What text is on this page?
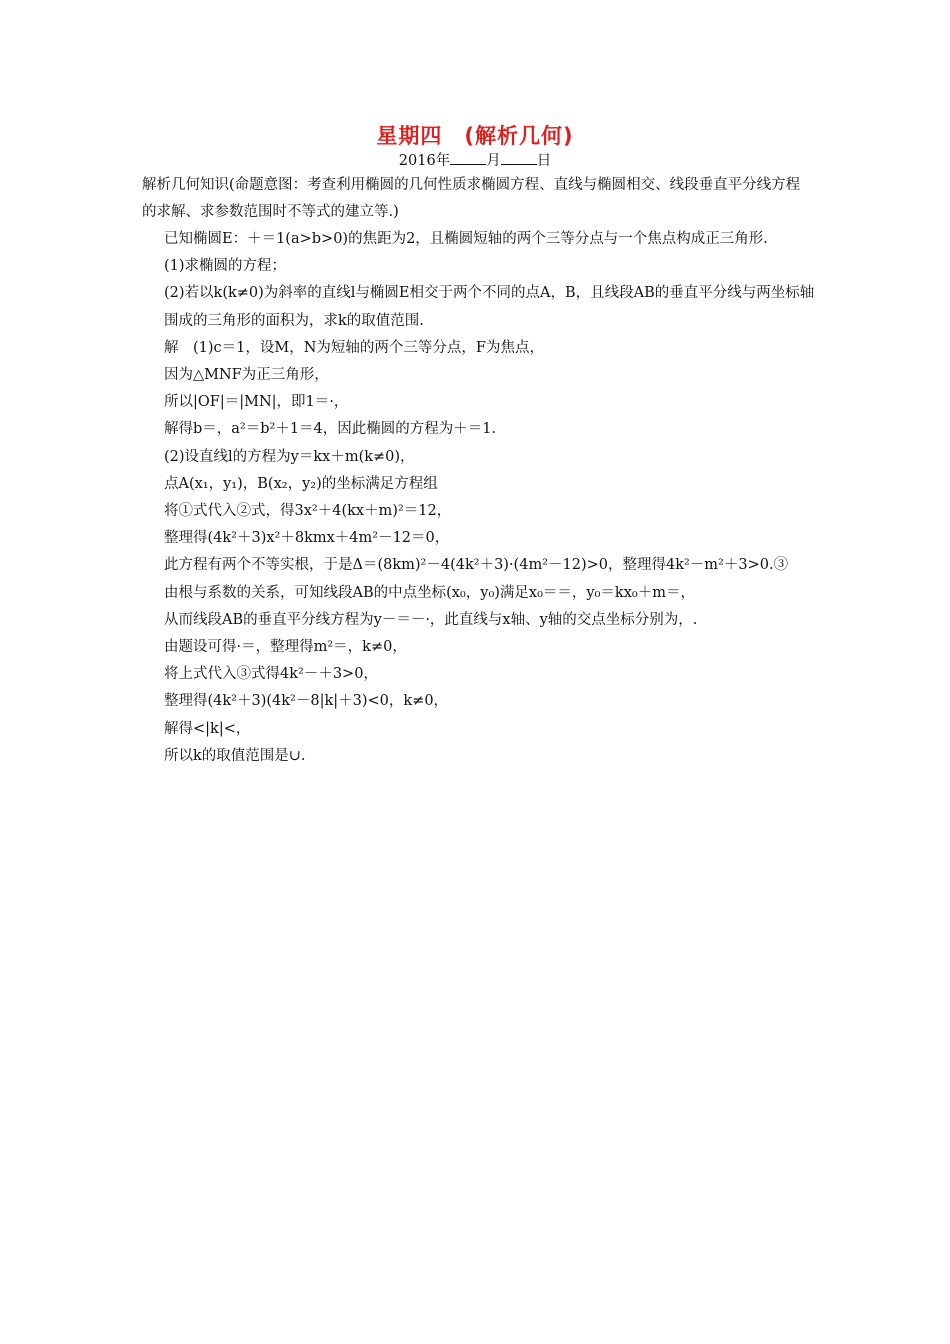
星期四　(解析几何)
2016年 月 日
解析几何知识(命题意图：考查利用椭圆的几何性质求椭圆方程、直线与椭圆相交、线段垂直平分线方程的求解、求参数范围时不等式的建立等.)
已知椭圆E：＋＝1(a>b>0)的焦距为2，且椭圆短轴的两个三等分点与一个焦点构成正三角形.
(1)求椭圆的方程；
(2)若以k(k≠0)为斜率的直线l与椭圆E相交于两个不同的点A，B，且线段AB的垂直平分线与两坐标轴围成的三角形的面积为，求k的取值范围.
解　(1)c＝1，设M，N为短轴的两个三等分点，F为焦点，
因为△MNF为正三角形，
所以|OF|＝|MN|，即1＝·，
解得b＝，a²＝b²＋1＝4，因此椭圆的方程为＋＝1.
(2)设直线l的方程为y＝kx＋m(k≠0)，
点A(x₁，y₁)，B(x₂，y₂)的坐标满足方程组
将①式代入②式，得3x²＋4(kx＋m)²＝12，
整理得(4k²＋3)x²＋8kmx＋4m²－12＝0，
此方程有两个不等实根，于是Δ＝(8km)²－4(4k²＋3)·(4m²－12)>0，整理得4k²－m²＋3>0.③
由根与系数的关系，可知线段AB的中点坐标(x₀，y₀)满足x₀＝＝，y₀＝kx₀＋m＝，
从而线段AB的垂直平分线方程为y－＝－·，此直线与x轴、y轴的交点坐标分别为，.
由题设可得·＝，整理得m²＝，k≠0，
将上式代入③式得4k²－＋3>0，
整理得(4k²＋3)(4k²－8|k|＋3)<0，k≠0，
解得<|k|<，
所以k的取值范围是∪.
